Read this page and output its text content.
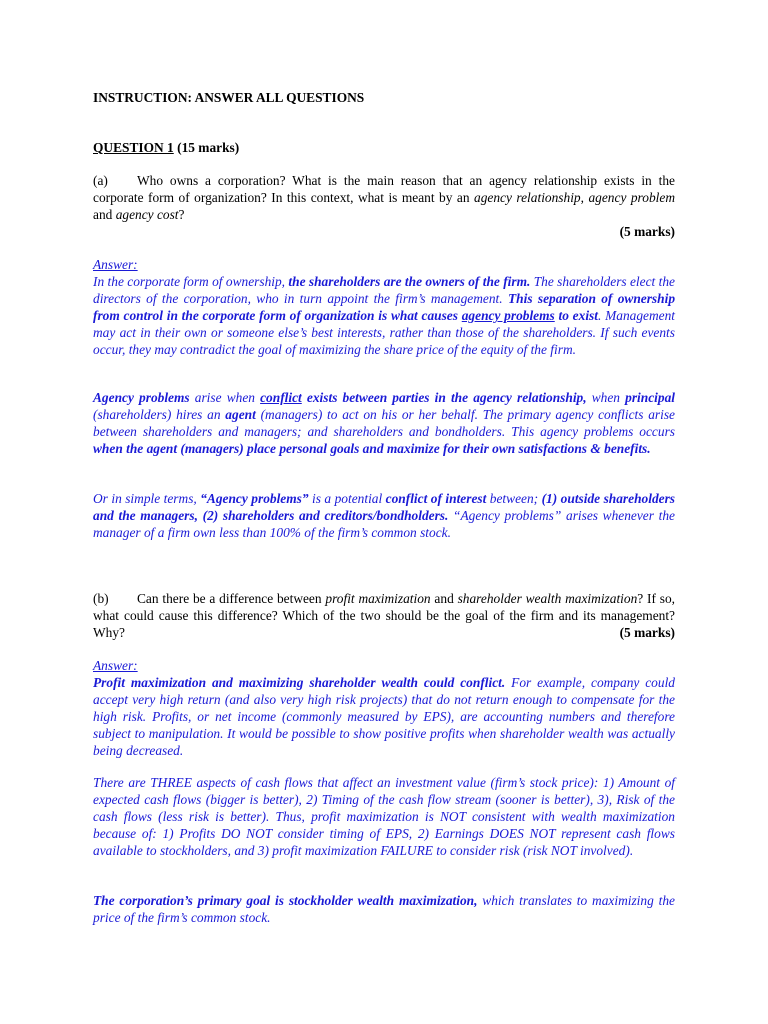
INSTRUCTION: ANSWER ALL QUESTIONS
QUESTION 1 (15 marks)
(a) Who owns a corporation? What is the main reason that an agency relationship exists in the corporate form of organization? In this context, what is meant by an agency relationship, agency problem and agency cost?
(5 marks)
Answer:
In the corporate form of ownership, the shareholders are the owners of the firm. The shareholders elect the directors of the corporation, who in turn appoint the firm’s management. This separation of ownership from control in the corporate form of organization is what causes agency problems to exist. Management may act in their own or someone else’s best interests, rather than those of the shareholders. If such events occur, they may contradict the goal of maximizing the share price of the equity of the firm.
Agency problems arise when conflict exists between parties in the agency relationship, when principal (shareholders) hires an agent (managers) to act on his or her behalf. The primary agency conflicts arise between shareholders and managers; and shareholders and bondholders. This agency problems occurs when the agent (managers) place personal goals and maximize for their own satisfactions & benefits.
Or in simple terms, “Agency problems” is a potential conflict of interest between; (1) outside shareholders and the managers, (2) shareholders and creditors/bondholders. “Agency problems” arises whenever the manager of a firm own less than 100% of the firm’s common stock.
(b) Can there be a difference between profit maximization and shareholder wealth maximization? If so, what could cause this difference? Which of the two should be the goal of the firm and its management? Why?	(5 marks)
Answer:
Profit maximization and maximizing shareholder wealth could conflict. For example, company could accept very high return (and also very high risk projects) that do not return enough to compensate for the high risk. Profits, or net income (commonly measured by EPS), are accounting numbers and therefore subject to manipulation. It would be possible to show positive profits when shareholder wealth was actually being decreased.
There are THREE aspects of cash flows that affect an investment value (firm’s stock price): 1) Amount of expected cash flows (bigger is better), 2) Timing of the cash flow stream (sooner is better), 3), Risk of the cash flows (less risk is better). Thus, profit maximization is NOT consistent with wealth maximization because of: 1) Profits DO NOT consider timing of EPS, 2) Earnings DOES NOT represent cash flows available to stockholders, and 3) profit maximization FAILURE to consider risk (risk NOT involved).
The corporation’s primary goal is stockholder wealth maximization, which translates to maximizing the price of the firm’s common stock.
